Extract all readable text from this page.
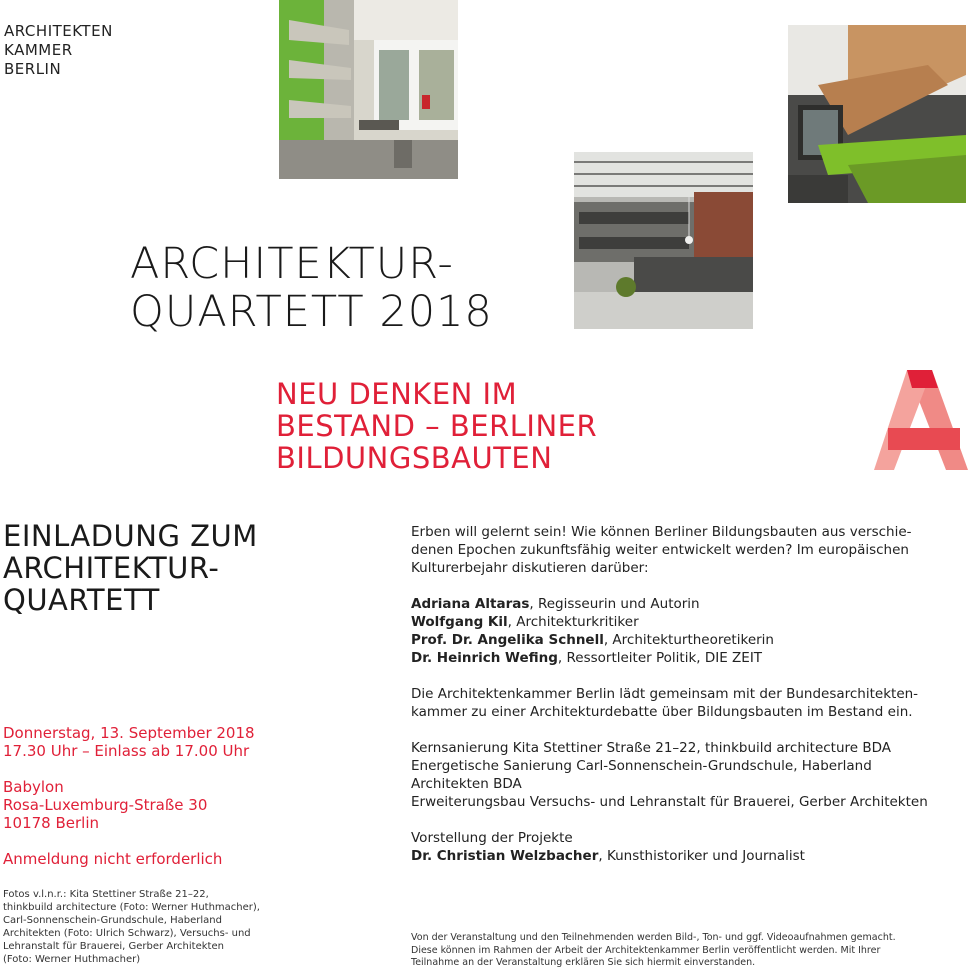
ARCHITEKTEN
KAMMER
BERLIN
ARCHITEKTUR-
QUARTETT 2018
NEU DENKEN IM
BESTAND – BERLINER
BILDUNGSBAUTEN
EINLADUNG ZUM
ARCHITEKTUR-
QUARTETT
Donnerstag, 13. September 2018
17.30 Uhr – Einlass ab 17.00 Uhr
Babylon
Rosa-Luxemburg-Straße 30
10178 Berlin
Anmeldung nicht erforderlich
Fotos v.l.n.r.: Kita Stettiner Straße 21–22,
thinkbuild architecture (Foto: Werner Huthmacher),
Carl-Sonnenschein-Grundschule, Haberland
Architekten (Foto: Ulrich Schwarz), Versuchs- und
Lehranstalt für Brauerei, Gerber Architekten
(Foto: Werner Huthmacher)
Erben will gelernt sein! Wie können Berliner Bildungsbauten aus verschie-
denen Epochen zukunftsfähig weiter entwickelt werden? Im europäischen
Kulturerbejahr diskutieren darüber:
Adriana Altaras, Regisseurin und Autorin
Wolfgang Kil, Architekturkritiker
Prof. Dr. Angelika Schnell, Architekturtheoretikerin
Dr. Heinrich Wefing, Ressortleiter Politik, DIE ZEIT
Die Architektenkammer Berlin lädt gemeinsam mit der Bundesarchitekten-
kammer zu einer Architekturdebatte über Bildungsbauten im Bestand ein.
Kernsanierung Kita Stettiner Straße 21–22, thinkbuild architecture BDA
Energetische Sanierung Carl-Sonnenschein-Grundschule, Haberland
Architekten BDA
Erweiterungsbau Versuchs- und Lehranstalt für Brauerei, Gerber Architekten
Vorstellung der Projekte
Dr. Christian Welzbacher, Kunsthistoriker und Journalist
Von der Veranstaltung und den Teilnehmenden werden Bild-, Ton- und ggf. Videoaufnahmen gemacht.
Diese können im Rahmen der Arbeit der Architektenkammer Berlin veröffentlicht werden. Mit Ihrer
Teilnahme an der Veranstaltung erklären Sie sich hiermit einverstanden.
